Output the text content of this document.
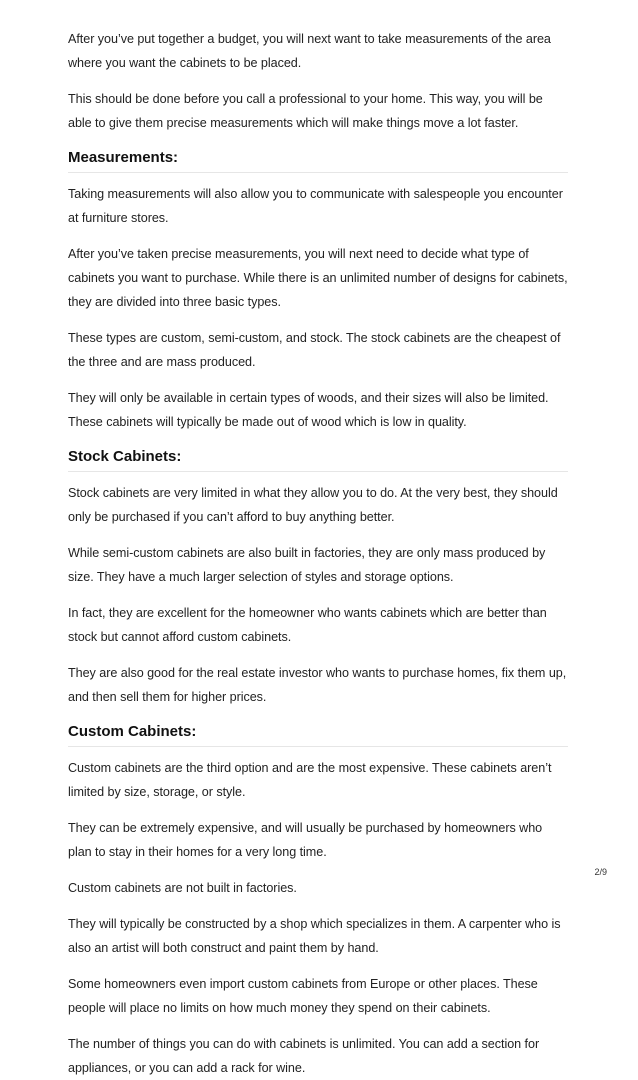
After you’ve put together a budget, you will next want to take measurements of the area where you want the cabinets to be placed.

This should be done before you call a professional to your home. This way, you will be able to give them precise measurements which will make things move a lot faster.

Measurements:

Taking measurements will also allow you to communicate with salespeople you encounter at furniture stores.

After you’ve taken precise measurements, you will next need to decide what type of cabinets you want to purchase. While there is an unlimited number of designs for cabinets, they are divided into three basic types.

These types are custom, semi-custom, and stock. The stock cabinets are the cheapest of the three and are mass produced.

They will only be available in certain types of woods, and their sizes will also be limited. These cabinets will typically be made out of wood which is low in quality.

Stock Cabinets:

Stock cabinets are very limited in what they allow you to do. At the very best, they should only be purchased if you can’t afford to buy anything better.

While semi-custom cabinets are also built in factories, they are only mass produced by size. They have a much larger selection of styles and storage options.

In fact, they are excellent for the homeowner who wants cabinets which are better than stock but cannot afford custom cabinets.

They are also good for the real estate investor who wants to purchase homes, fix them up, and then sell them for higher prices.

Custom Cabinets:

Custom cabinets are the third option and are the most expensive. These cabinets aren’t limited by size, storage, or style.

They can be extremely expensive, and will usually be purchased by homeowners who plan to stay in their homes for a very long time.

Custom cabinets are not built in factories.

They will typically be constructed by a shop which specializes in them. A carpenter who is also an artist will both construct and paint them by hand.

Some homeowners even import custom cabinets from Europe or other places. These people will place no limits on how much money they spend on their cabinets.

The number of things you can do with cabinets is unlimited. You can add a section for appliances, or you can add a rack for wine.

2/9
